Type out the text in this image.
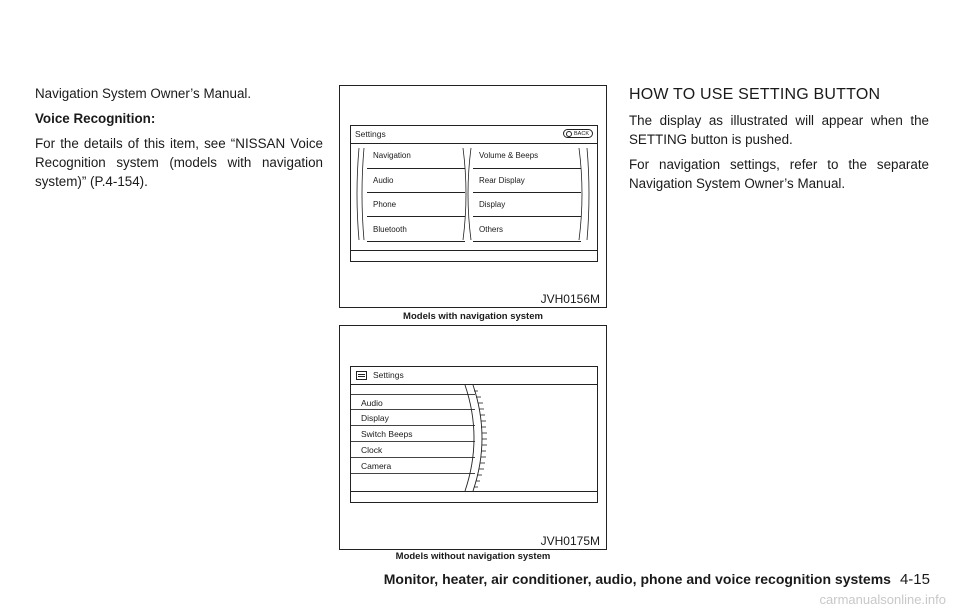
Navigation System Owner’s Manual.

Voice Recognition:

For the details of this item, see “NISSAN Voice

Recognition system (models with navigation

system)” (P.4-154).

Settings	BACK
Navigation
Audio
Phone
Bluetooth
Volume & Beeps
Rear Display
Display
Others
JVH0156M
Models with navigation system
Settings
Audio
Display
Switch Beeps
Clock
Camera
JVH0175M
Models without navigation system

HOW TO USE SETTING BUTTON

The display as illustrated will appear when the

SETTING button is pushed.

For navigation settings, refer to the separate

Navigation System Owner’s Manual.

Monitor, heater, air conditioner, audio, phone and voice recognition systems 4-15
carmanualsonline.info
